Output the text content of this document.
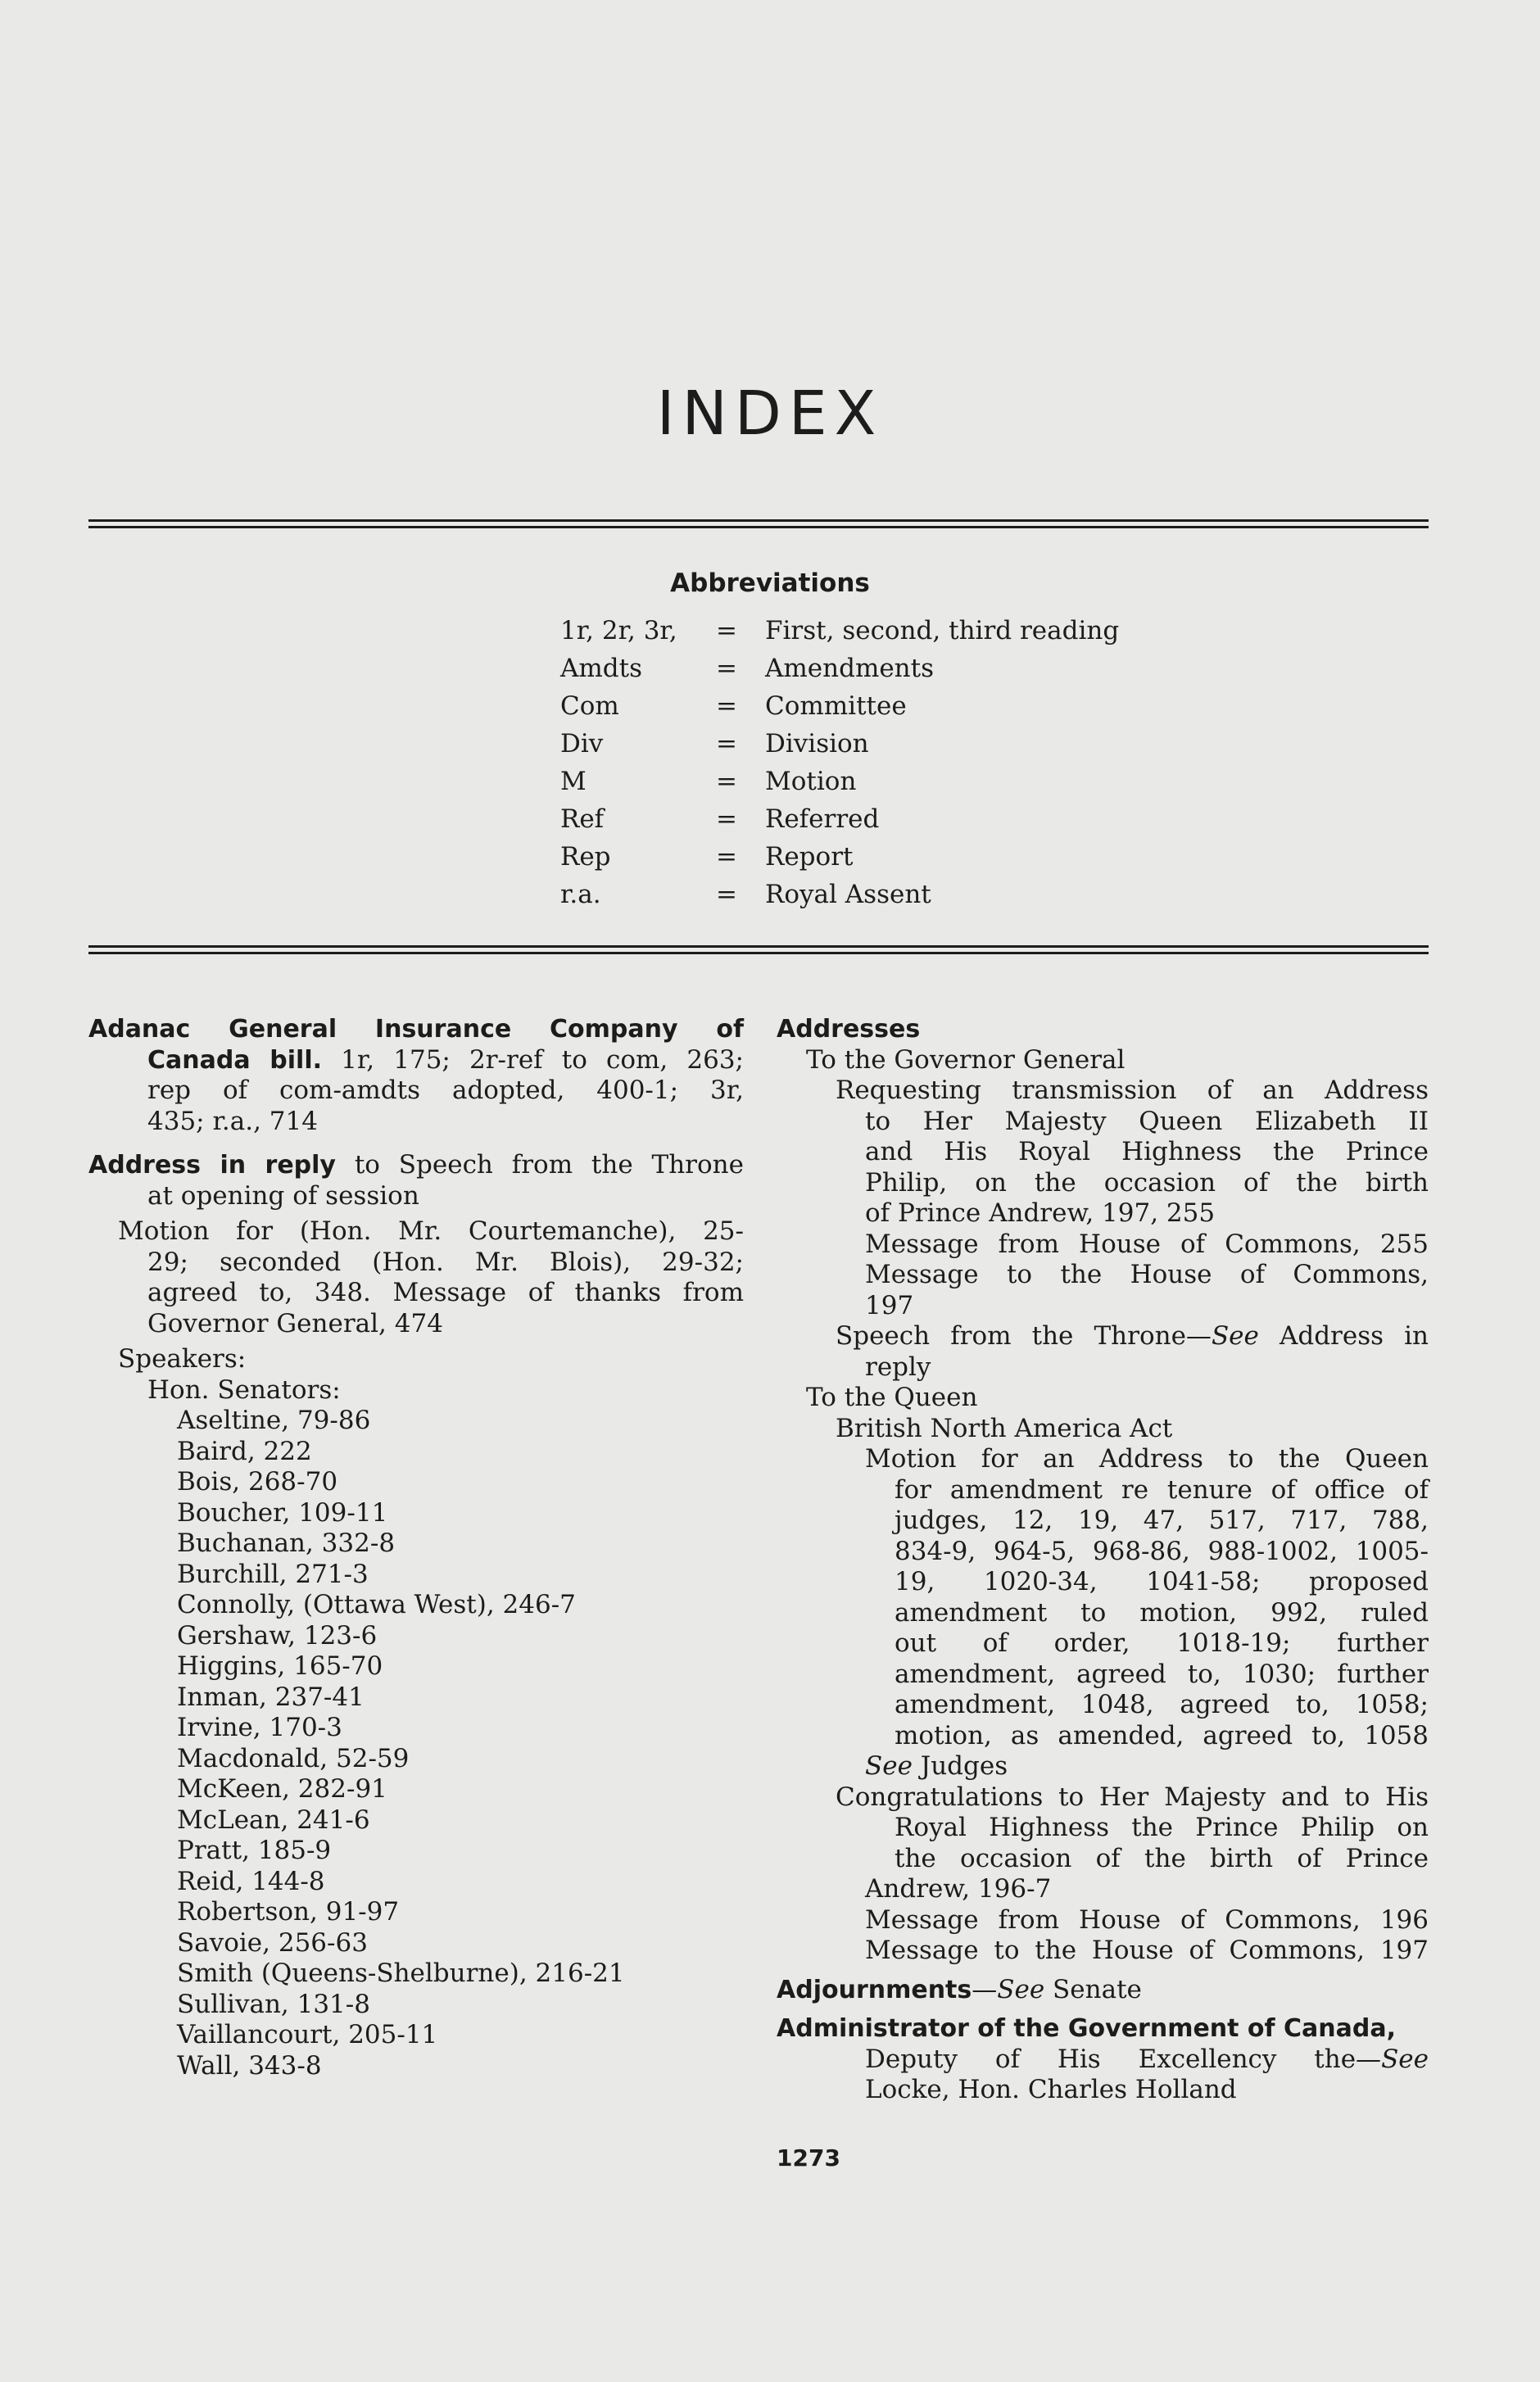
INDEX
Abbreviations
1r, 2r, 3r, = First, second, third reading
Amdts	= Amendments
Com	= Committee
Div	= Division
M	= Motion
Ref	= Referred
Rep	= Report
r.a.	= Royal Assent
Adanac General Insurance Company of
Canada bill. 1r, 175; 2r-ref to com, 263;
rep of com-amdts adopted, 400-1; 3r,
435; r.a., 714
Address in reply to Speech from the Throne
at opening of session
Motion for (Hon. Mr. Courtemanche), 25-
29; seconded (Hon. Mr. Blois), 29-32;
agreed to, 348. Message of thanks from
Governor General, 474
Speakers:
Hon. Senators:
Aseltine, 79-86
Baird, 222
Bois, 268-70
Boucher, 109-11
Buchanan, 332-8
Burchill, 271-3
Connolly, (Ottawa West), 246-7
Gershaw, 123-6
Higgins, 165-70
Inman, 237-41
Irvine, 170-3
Macdonald, 52-59
McKeen, 282-91
McLean, 241-6
Pratt, 185-9
Reid, 144-8
Robertson, 91-97
Savoie, 256-63
Smith (Queens-Shelburne), 216-21
Sullivan, 131-8
Vaillancourt, 205-11
Wall, 343-8
Addresses
To the Governor General
Requesting transmission of an Address
to Her Majesty Queen Elizabeth II
and His Royal Highness the Prince
Philip, on the occasion of the birth
of Prince Andrew, 197, 255
Message from House of Commons, 255
Message to the House of Commons,
197
Speech from the Throne—See Address in
reply
To the Queen
British North America Act
Motion for an Address to the Queen
for amendment re tenure of office of
judges, 12, 19, 47, 517, 717, 788,
834-9, 964-5, 968-86, 988-1002, 1005-
19, 1020-34, 1041-58; proposed
amendment to motion, 992, ruled
out of order, 1018-19; further
amendment, agreed to, 1030; further
amendment, 1048, agreed to, 1058;
motion, as amended, agreed to, 1058
See Judges
Congratulations to Her Majesty and to His
Royal Highness the Prince Philip on
the occasion of the birth of Prince
Andrew, 196-7
Message from House of Commons, 196
Message to the House of Commons, 197
Adjournments—See Senate
Administrator of the Government of Canada,
Deputy of His Excellency the—See
Locke, Hon. Charles Holland
1273
